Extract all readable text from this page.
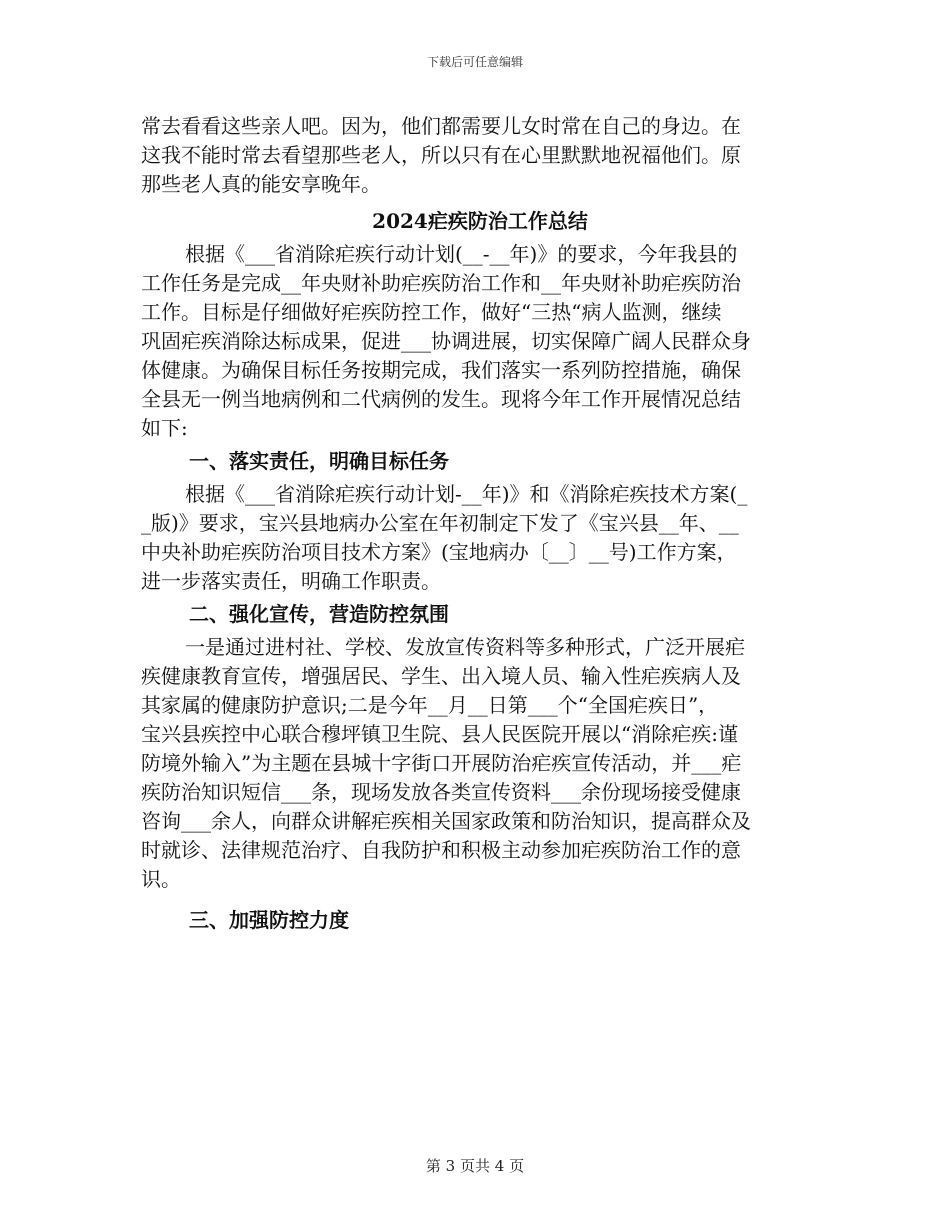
下载后可任意编辑
常去看看这些亲人吧。因为，他们都需要儿女时常在自己的身边。在
这我不能时常去看望那些老人，所以只有在心里默默地祝福他们。原
那些老人真的能安享晚年。
2024疟疾防治工作总结
根据《___省消除疟疾行动计划(__-__年)》的要求，今年我县的
工作任务是完成__年央财补助疟疾防治工作和__年央财补助疟疾防治
工作。目标是仔细做好疟疾防控工作，做好“三热“病人监测，继续
巩固疟疾消除达标成果，促进___协调进展，切实保障广阔人民群众身
体健康。为确保目标任务按期完成，我们落实一系列防控措施，确保
全县无一例当地病例和二代病例的发生。现将今年工作开展情况总结
如下:
一、落实责任，明确目标任务
根据《___省消除疟疾行动计划-__年)》和《消除疟疾技术方案(_
_版)》要求，宝兴县地病办公室在年初制定下发了《宝兴县__年、__
中央补助疟疾防治项目技术方案》(宝地病办〔__〕__号)工作方案，
进一步落实责任，明确工作职责。
二、强化宣传，营造防控氛围
一是通过进村社、学校、发放宣传资料等多种形式，广泛开展疟
疾健康教育宣传，增强居民、学生、出入境人员、输入性疟疾病人及
其家属的健康防护意识;二是今年__月__日第___个“全国疟疾日”，
宝兴县疾控中心联合穆坪镇卫生院、县人民医院开展以“消除疟疾:谨
防境外输入”为主题在县城十字街口开展防治疟疾宣传活动，并___疟
疾防治知识短信___条，现场发放各类宣传资料___余份现场接受健康
咨询___余人，向群众讲解疟疾相关国家政策和防治知识，提高群众及
时就诊、法律规范治疗、自我防护和积极主动参加疟疾防治工作的意
识。
三、加强防控力度
第 3 页共 4 页
